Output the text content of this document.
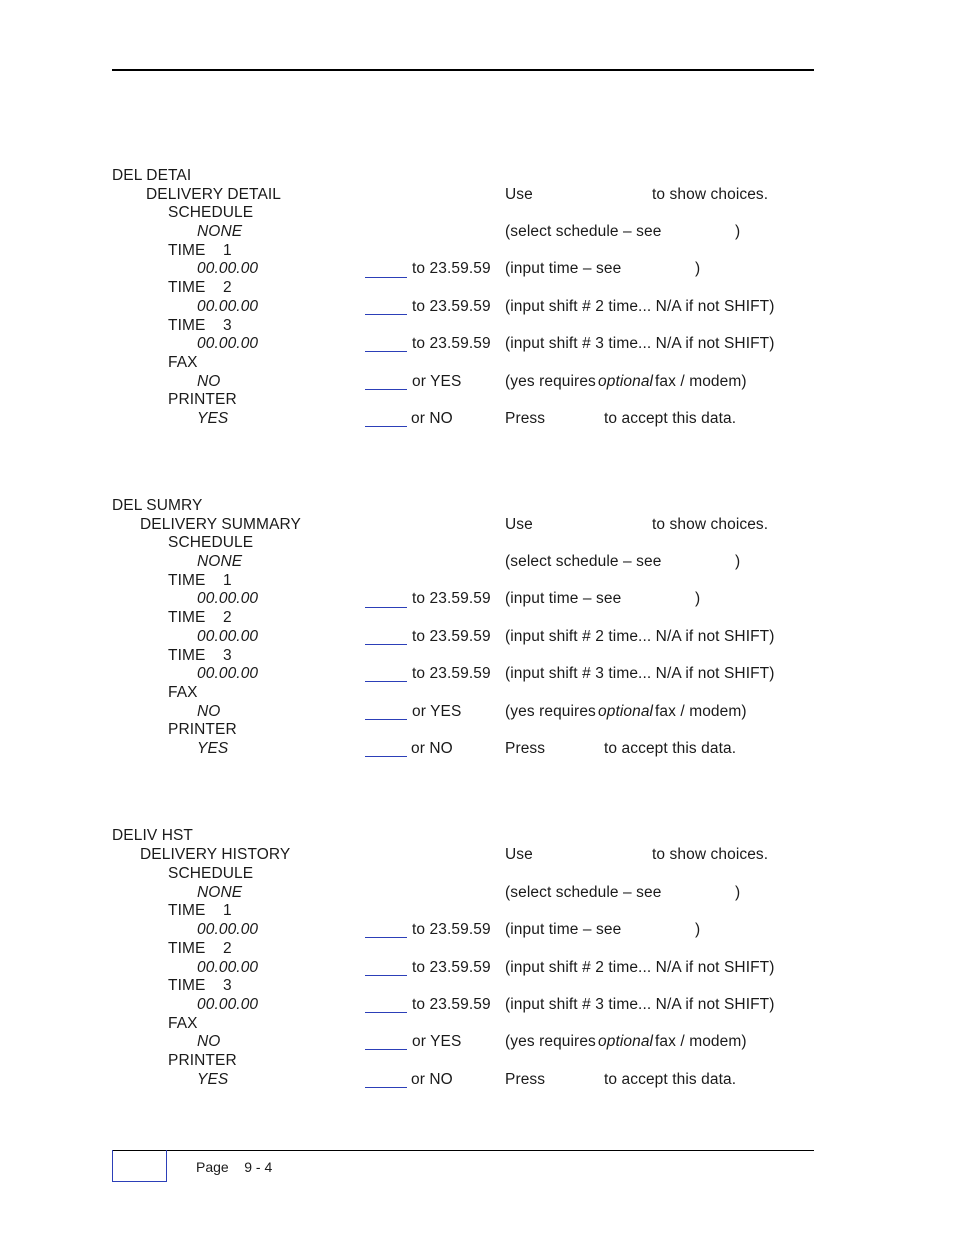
DEL DETAI
DELIVERY DETAIL	Use	to show choices.
SCHEDULE
NONE	(select schedule – see	)
TIME    1
00.00.00	to 23.59.59 (input time – see	)
TIME    2
00.00.00	to 23.59.59 (input shift # 2 time... N/A if not SHIFT)
TIME    3
00.00.00	to 23.59.59 (input shift # 3 time... N/A if not SHIFT)
FAX
NO	or YES	(yes requires optional fax / modem)
PRINTER
YES	or NO	Press	to accept this data.
DEL SUMRY
DELIVERY SUMMARY	Use	to show choices.
SCHEDULE
NONE	(select schedule – see	)
TIME    1
00.00.00	to 23.59.59 (input time – see	)
TIME    2
00.00.00	to 23.59.59 (input shift # 2 time... N/A if not SHIFT)
TIME    3
00.00.00	to 23.59.59 (input shift # 3 time... N/A if not SHIFT)
FAX
NO	or YES	(yes requires optional fax / modem)
PRINTER
YES	or NO	Press	to accept this data.
DELIV HST
DELIVERY HISTORY	Use	to show choices.
SCHEDULE
NONE	(select schedule – see	)
TIME    1
00.00.00	to 23.59.59 (input time – see	)
TIME    2
00.00.00	to 23.59.59 (input shift # 2 time... N/A if not SHIFT)
TIME    3
00.00.00	to 23.59.59 (input shift # 3 time... N/A if not SHIFT)
FAX
NO	or YES	(yes requires optional fax / modem)
PRINTER
YES	or NO	Press	to accept this data.
Page    9 - 4
